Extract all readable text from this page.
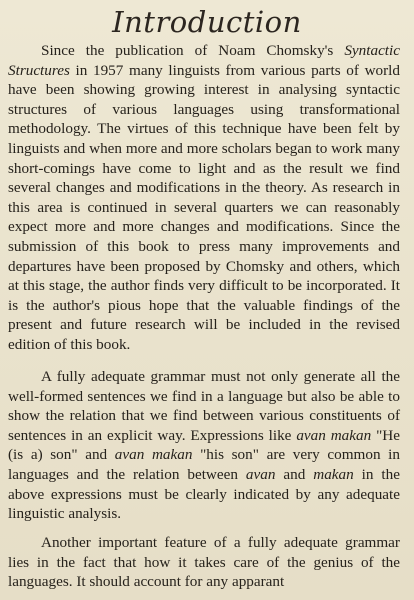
Introduction

Since the publication of Noam Chomsky's Syntactic Structures in 1957 many linguists from various parts of world have been showing growing interest in analysing syntactic structures of various languages using transformational methodology. The virtues of this technique have been felt by linguists and when more and more scholars began to work many short-comings have come to light and as the result we find several changes and modifications in the theory. As research in this area is continued in several quarters we can reasonably expect more and more changes and modifications. Since the submission of this book to press many improvements and departures have been proposed by Chomsky and others, which at this stage, the author finds very difficult to be incorporated. It is the author's pious hope that the valuable findings of the present and future research will be included in the revised edition of this book.

A fully adequate grammar must not only generate all the well-formed sentences we find in a language but also be able to show the relation that we find between various constituents of sentences in an explicit way. Expressions like avan makan "He (is a) son" and avan makan "his son" are very common in languages and the relation between avan and makan in the above expressions must be clearly indicated by any adequate linguistic analysis.

Another important feature of a fully adequate grammar lies in the fact that how it takes care of the genius of the languages. It should account for any apparant
